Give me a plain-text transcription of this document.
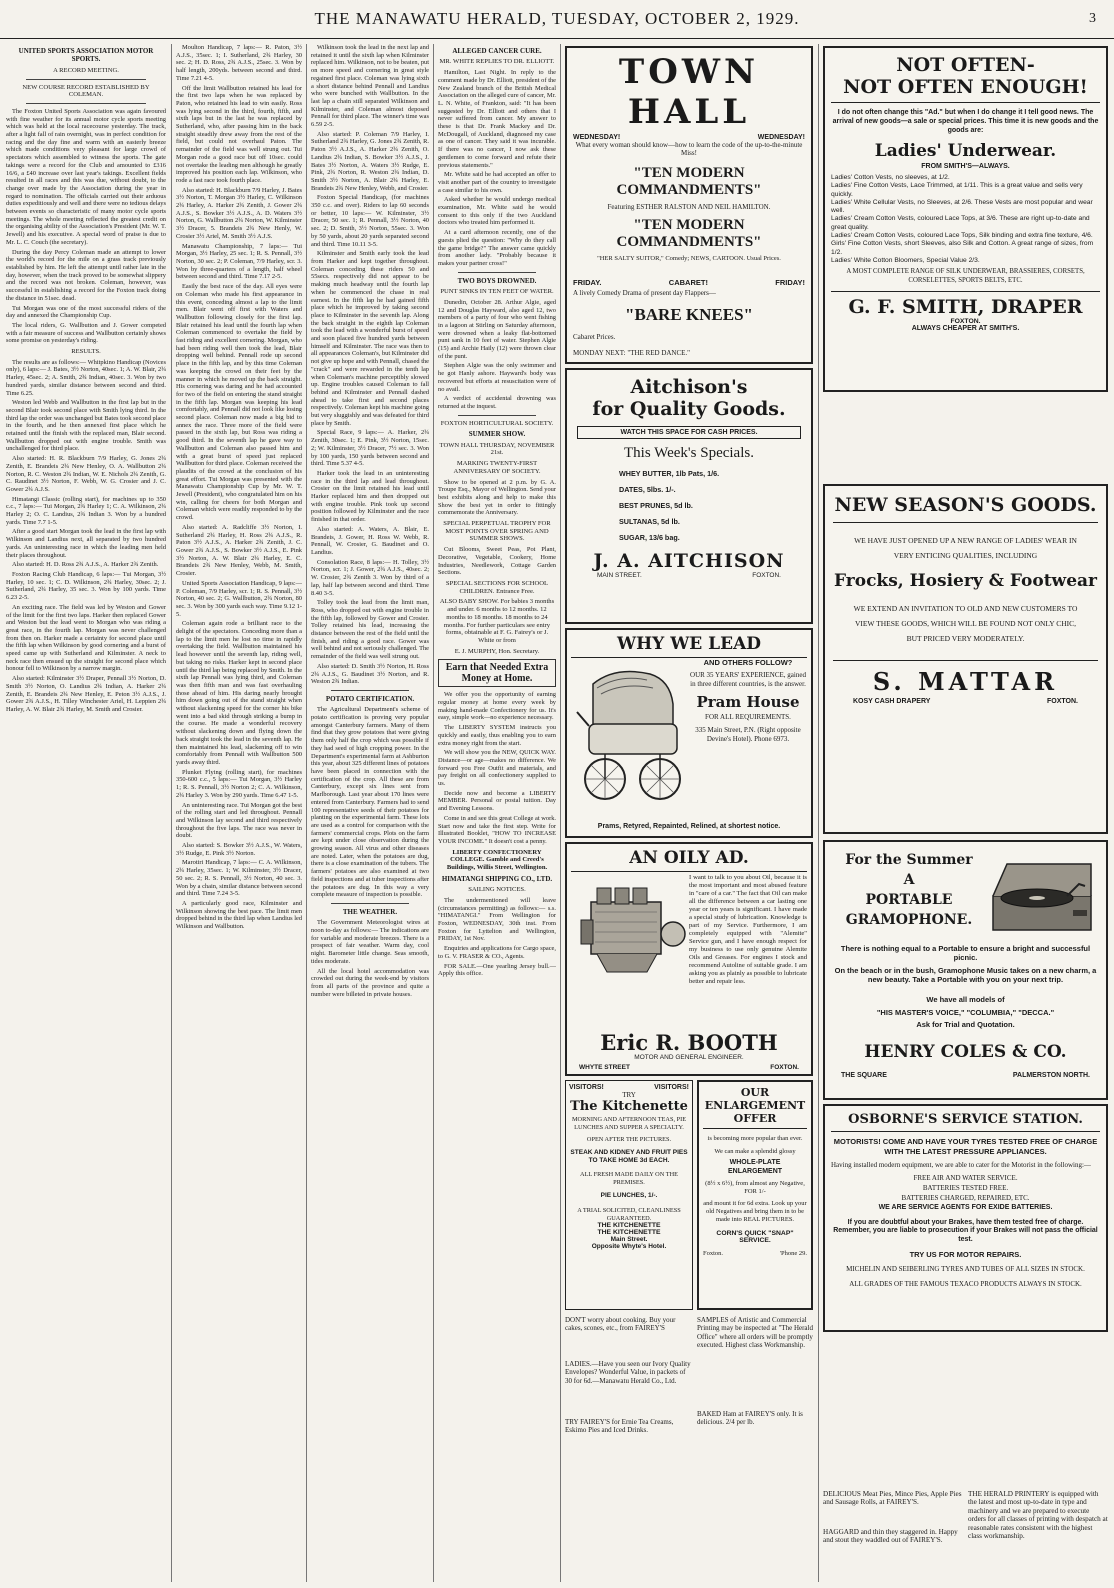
THE MANAWATU HERALD, TUESDAY, OCTOBER 2, 1929.	3

UNITED SPORTS ASSOCIATION MOTOR SPORTS.

A RECORD MEETING.

NEW COURSE RECORD ESTABLISHED BY COLEMAN.

The Foxton United Sports Association was again favoured with fine weather for its annual motor cycle sports meeting which was held at the local racecourse yesterday. The track, after a light fall of rain overnight, was in perfect condition for racing and the day fine and warm with an easterly breeze which made conditions very pleasant for large crowd of spectators which assembled to witness the sports. The gate takings were a record for the Club and amounted to £316 16/6, a £40 increase over last year's takings. Excellent fields resulted in all races and this was due, without doubt, to the change over made by the Association during the year in regard to nomination. The officials carried out their arduous duties expeditiously and well and there were no tedious delays between events so characteristic of many motor cycle sports meetings. The whole meeting reflected the greatest credit on the organising ability of the Association's President (Mr. W. T. Jewell) and his executive. A special word of praise is due to Mr. L. C. Couch (the secretary).

During the day Percy Coleman made an attempt to lower the world's record for the mile on a grass track previously established by him. He left the attempt until rather late in the day, however, when the track proved to be somewhat slippery and the record was not broken. Coleman, however, was successful in establishing a record for the Foxton track doing the distance in 51sec. dead.

Tui Morgan was one of the most successful riders of the day and annexed the Championship Cup.

The local riders, G. Wallbutton and J. Gower competed with a fair measure of success and Wallbutton certainly shows some promise on yesterday's riding.

RESULTS.

The results are as follows:— Whitpkino Handicap (Novices only), 6 laps:— J. Bates, 3½ Norton, 40sec. 1; A. W. Blair, 2¾ Harley, 45sec. 2; A. Smith, 2¾ Indian, 40sec. 3. Won by two hundred yards, similar distance between second and third. Time 6.25.

Weston led Webb and Wallbutton in the first lap but in the second Blair took second place with Smith lying third. In the third lap the order was unchanged but Bates took second place in the fourth, and he then annexed first place which he retained until the finish with the replaced man, Blair second. Wallbutton dropped out with engine trouble. Smith was unchallenged for third place.

Also started: H. R. Blackburn 7/9 Harley, G. Jones 2¾ Zenith, E. Brandeis 2¾ New Henley, O. A. Wallbutton 2¾ Norton, R. C. Weston 2¾ Indian, W. E. Nichols 2¾ Zenith, G. C. Raudinet 3½ Norton, F. Webb, W. G. Crosier and J. C. Gower 2¾ A.J.S.

Himatangi Classic (rolling start), for machines up to 350 c.c., 7 laps:— Tui Morgan, 2¾ Harley 1; C. A. Wilkinson, 2¾ Harley 2; O. C. Landius, 2¾ Indian 3. Won by a hundred yards. Time 7.7 1-5.

After a good start Morgan took the lead in the first lap with Wilkinson and Landius next, all separated by two hundred yards. An uninteresting race in which the leading men held their places throughout.

Also started: H. D. Ross 2¾ A.J.S., A. Harker 2¾ Zenith.

Foxton Racing Club Handicap, 6 laps:— Tui Morgan, 3½ Harley, 10 sec. 1; C. D. Wilkinson, 2¾ Harley, 30sec. 2; J. Sutherland, 2¾ Harley, 35 sec. 3. Won by 100 yards. Time 6.23 2-5.

An exciting race. The field was led by Weston and Gower of the limit for the first two laps. Harker then replaced Gower and Weston but the lead went to Morgan who was riding a great race, in the fourth lap. Morgan was never challenged from then on. Harker made a certainty for second place until the fifth lap when Wilkinson by good cornering and a burst of speed came up with Sutherland and Kilminster. A neck to neck race then ensued up the straight for second place which honour fell to Wilkinson by a narrow margin.

Also started: Kilminster 3½ Draper, Pennall 3½ Norton, D. Smith 3½ Norton, O. Landius 2¾ Indian, A. Harker 2¾ Zenith, E. Brandeis 2¾ New Henley, E. Peton 3½ A.J.S., J. Gower 2¾ A.J.S., H. Tilley Winchester Ariel, H. Leppien 2¾ Harley, A. W. Blair 2¾ Harley, M. Smith and Crosier.

Moulton Handicap, 7 laps:— R. Paton, 3½ A.J.S., 35sec. 1; I. Sutherland, 2¾ Harley, 30 sec. 2; H. D. Ross, 2¾ A.J.S., 25sec. 3. Won by half length, 200yds. between second and third. Time 7.21 4-5.

Off the limit Wallbutton retained his lead for the first two laps when he was replaced by Paton, who retained his lead to win easily. Ross was lying second in the third, fourth, fifth, and sixth laps but in the last he was replaced by Sutherland, who, after passing him in the back straight steadily drew away from the rest of the field, but could not overhaul Paton. The remainder of the field was well strung out. Tui Morgan rode a good race but off 10sec. could not overtake the leading men although he greatly improved his position each lap. Wilkinson, who rode a fast race took fourth place.

Also started: H. Blackburn 7/9 Harley, J. Bates 3½ Norton, T. Morgan 3½ Harley, C. Wilkinson 2¾ Harley, A. Harker 2¾ Zenith, J. Gower 2¾ A.J.S., S. Bowker 3½ A.J.S., A. D. Waters 3½ Norton, G. Wallbutton 2¾ Norton, W. Kilminster 3½ Dracer, 5. Brandeis 2¾ New Henly, W. Crosier 3½ Ariel, M. Smith 3½ A.J.S.

Manawatu Championship, 7 laps:— Tui Morgan, 3½ Harley, 25 sec. 1; R. S. Pennall, 3½ Norton, 30 sec. 2; P. Coleman, 7/9 Harley, scr. 3. Won by three-quarters of a length, half wheel between second and third. Time 7.17 2-5.

Easily the best race of the day. All eyes were on Coleman who made his first appearance in this event, conceding almost a lap to the limit men. Blair went off first with Waters and Wallbutton following closely for the first lap. Blair retained his lead until the fourth lap when Coleman commenced to overtake the field by fast riding and excellent cornering. Morgan, who had been riding well then took the lead, Blair dropping well behind. Pennall rode up second place in the fifth lap, and by this time Coleman was keeping the crowd on their feet by the manner in which he moved up the back straight. His cornering was daring and he had accounted for two of the field on entering the stand straight in the fifth lap. Morgan was keeping his lead comfortably, and Pennall did not look like losing second place. Coleman now made a big bid to annex the race. Three more of the field were passed in the sixth lap, but Ross was riding a good third. In the seventh lap he gave way to Wallbutton and Coleman also passed him and with a great burst of speed just replaced Wallbutton for third place. Coleman received the plaudits of the crowd at the conclusion of his great effort. Tui Morgan was presented with the Manawatu Championship Cup by Mr. W. T. Jewell (President), who congratulated him on his win, calling for cheers for both Morgan and Coleman which were readily responded to by the crowd.

Also started: A. Radcliffe 3½ Norton, I. Sutherland 2¾ Harley, H. Ross 2¾ A.J.S., R. Paton 3½ A.J.S., A. Harker 2¾ Zenith, J. C. Gower 2¾ A.J.S., S. Bowker 3½ A.J.S., E. Pink 3½ Norton, A. W. Blair 2¾ Harley, E. C. Brandeis 2¾ New Henley, Webb, M. Smith, Crosier.

United Sports Association Handicap, 9 laps:— P. Coleman, 7/9 Harley, scr. 1; R. S. Pennall, 3½ Norton, 40 sec. 2; G. Wallbutton, 2¾ Norton, 80 sec. 3. Won by 300 yards each way. Time 9.12 1-5.

Coleman again rode a brilliant race to the delight of the spectators. Conceding more than a lap to the limit men he lost no time in rapidly overtaking the field. Wallbutton maintained his lead however until the seventh lap, riding well, but taking no risks. Harker kept in second place until the third lap being replaced by Smith. In the sixth lap Pennall was lying third, and Coleman was then fifth man and was fast overhauling those ahead of him. His daring nearly brought him down going out of the stand straight when without slackening speed for the corner his bike went into a bad skid through striking a bump in the course. He made a wonderful recovery without slackening down and flying down the back straight took the lead in the seventh lap. He then maintained his lead, slackening off to win comfortably from Pennall with Wallbutton 500 yards away third.

Plunket Flying (rolling start), for machines 350-600 c.c., 5 laps:— Tui Morgan, 3½ Harley 1; R. S. Pennall, 3½ Norton 2; C. A. Wilkinson, 2¾ Harley 3. Won by 290 yards. Time 6.47 1-5.

An uninteresting race. Tui Morgan got the best of the rolling start and led throughout. Pennall and Wilkinson lay second and third respectively throughout the five laps. The race was never in doubt.

Also started: S. Bowker 3½ A.J.S., W. Waters, 3½ Rudge, E. Pink 3½ Norton.

Marotiri Handicap, 7 laps:— C. A. Wilkinson, 2¾ Harley, 35sec. 1; W. Kilminster, 3½ Dracer, 50 sec. 2; R. S. Pennall, 3½ Norton, 40 sec. 3. Won by a chain, similar distance between second and third. Time 7.24 3-5.

A particularly good race, Kilminster and Wilkinson showing the best pace. The limit men dropped behind in the third lap when Landius led Wilkinson and Wallbutton.

Wilkinson took the lead in the next lap and retained it until the sixth lap when Kilminster replaced him. Wilkinson, not to be beaten, put on more speed and cornering in great style regained first place. Coleman was lying sixth a short distance behind Pennall and Landius who were bunched with Wallbutton. In the last lap a chain still separated Wilkinson and Kilminster, and Coleman almost deposed Pennall for third place. The winner's time was 6.59 2-5.

Also started: P. Coleman 7/9 Harley, I. Sutherland 2¾ Harley, G. Jones 2¾ Zenith, R. Paton 3½ A.J.S., A. Harker 2¾ Zenith, O. Landius 2¾ Indian, S. Bowker 3½ A.J.S., J. Bates 3½ Norton, A. Waters 3½ Rudge, E. Pink, 2¾ Norton, R. Weston 2¾ Indian, D. Smith 3½ Norton, A. Blair 2¾ Harley, E. Brandeis 2¾ New Henley, Webb, and Crosier.

Foxton Special Handicap, (for machines 350 c.c. and over). Riders to lap 60 seconds or better, 10 laps:— W. Kilminster, 3½ Dracer, 50 sec. 1; R. Pennall, 3½ Norton, 40 sec. 2; D. Smith, 3½ Norton, 55sec. 3. Won by 50 yards, about 20 yards separated second and third. Time 10.11 3-5.

Kilminster and Smith early took the lead from Harker and kept together throughout. Coleman conceding these riders 50 and 55secs. respectively did not appear to be making much headway until the fourth lap when he commenced the chase in real earnest. In the fifth lap he had gained fifth place which he improved by taking second place to Kilminster in the seventh lap. Along the back straight in the eighth lap Coleman took the lead with a wonderful burst of speed and soon placed five hundred yards between himself and Kilminster. The race was then to all appearances Coleman's, but Kilminster did not give up hope and with Pennall, chased the "crack" and were rewarded in the tenth lap when Coleman's machine perceptibly slowed up. Engine troubles caused Coleman to fall behind and Kilminster and Pennall dashed ahead to take first and second places respectively. Coleman kept his machine going but very sluggishly and was defeated for third place by Smith.

Special Race, 9 laps:— A. Harker, 2¾ Zenith, 30sec. 1; E. Pink, 3½ Norton, 15sec. 2; W. Kilminster, 3½ Dracer, 7½ sec. 3. Won by 100 yards, 150 yards between second and third. Time 5.37 4-5.

Harker took the lead in an uninteresting race in the third lap and lead throughout. Crosier on the limit retained his lead until Harker replaced him and then dropped out with engine trouble. Pink took up second position followed by Kilminster and the race finished in that order.

Also started: A. Waters, A. Blair, E. Brandeis, J. Gower, H. Ross W. Webb, R. Pennall, W. Crosier, G. Baudinet and O. Landius.

Consolation Race, 8 laps:— H. Tolley, 3½ Norton, scr. 1; J. Gower, 2¾ A.J.S., 40sec. 2; W. Crosier, 2¾ Zenith 3. Won by third of a lap, half lap between second and third. Time 8.40 3-5.

Tolley took the lead from the limit man, Ross, who dropped out with engine trouble in the fifth lap, followed by Gower and Crosier. Tolley retained his lead, increasing the distance between the rest of the field until the finish, and riding a good race. Gower was well behind and not seriously challenged. The remainder of the field was well strung out.

Also started: D. Smith 3½ Norton, H. Ross 2¾ A.J.S., G. Baudinet 3½ Norton, and R. Weston 2¾ Indian.

POTATO CERTIFICATION.

The Agricultural Department's scheme of potato certification is proving very popular amongst Canterbury farmers. Many of them find that they grow potatoes that were giving them only half the crop which was possible if they had seed of high cropping power. In the Department's experimental farm at Ashburton this year, about 325 different lines of potatoes have been placed in connection with the certification of the crop. All these are from Canterbury, except six lines sent from Marlborough. Last year about 170 lines were entered from Canterbury. Farmers had to send 100 representative seeds of their potatoes for planting on the experimental farm. These lots are used as a control for comparison with the farmers' commercial crops. Plots on the farm are kept under close observation during the growing season. All virus and other diseases are noted. Later, when the potatoes are dug, there is a close examination of the tubers. The farmers' potatoes are also examined at two field inspections and at tuber inspections after the potatoes are dug. In this way a very complete measure of inspection is possible.

THE WEATHER.

The Government Meteorologist wires at noon to-day as follows:— The indications are for variable and moderate breezes. There is a prospect of fair weather. Warm day, cool night. Barometer little change. Seas smooth, tides moderate.

All the local hotel accommodation was crowded out during the week-end by visitors from all parts of the province and quite a number were billeted in private houses.

ALLEGED CANCER CURE.

MR. WHITE REPLIES TO DR. ELLIOTT.

Hamilton, Last Night. In reply to the comment made by Dr. Elliott, president of the New Zealand branch of the British Medical Association on the alleged cure of cancer, Mr. L. N. White, of Frankton, said: "It has been suggested by Dr. Elliott and others that I never suffered from cancer. My answer to these is that Dr. Frank Mackey and Dr. McDougall, of Auckland, diagnosed my case as one of cancer. They said it was incurable. If there was no cancer, I now ask these gentlemen to come forward and refute their previous statements."

Mr. White said he had accepted an offer to visit another part of the country to investigate a case similar to his own.

Asked whether he would undergo medical examination, Mr. White said he would consent to this only if the two Auckland doctors who treated him performed it.

At a card afternoon recently, one of the guests plied the question: "Why do they call the game bridge?" The answer came quickly from another lady. "Probably because it makes your partner cross!"

TWO BOYS DROWNED.

PUNT SINKS IN TEN FEET OF WATER.

Dunedin, October 28. Arthur Algie, aged 12 and Douglas Hayward, also aged 12, two members of a party of four who went fishing in a lagoon at Stirling on Saturday afternoon, were drowned when a leaky flat-bottomed punt sank in 10 feet of water. Stephen Algie (15) and Archie Haily (12) were thrown clear of the punt.

Stephen Algie was the only swimmer and he got Hanly ashore. Hayward's body was recovered but efforts at resuscitation were of no avail.

A verdict of accidental drowning was returned at the inquest.

FOXTON HORTICULTURAL SOCIETY.

SUMMER SHOW.

TOWN HALL THURSDAY, NOVEMBER 21st.

MARKING TWENTY-FIRST ANNIVERSARY OF SOCIETY.

Show to be opened at 2 p.m. by G. A. Troupe Esq., Mayor of Wellington. Send your best exhibits along and help to make this Show the best yet in order to fittingly commemorate the Anniversary.

SPECIAL PERPETUAL TROPHY FOR MOST POINTS OVER SPRING AND SUMMER SHOWS.

Cut Blooms, Sweet Peas, Pot Plant, Decorative, Vegetable, Cookery, Home Industries, Needlework, Cottage Garden Sections.

SPECIAL SECTIONS FOR SCHOOL CHILDREN. Entrance Free.

ALSO BABY SHOW. For babies 3 months and under. 6 months to 12 months. 12 months to 18 months. 18 months to 24 months. For further particulars see entry forms, obtainable at F. G. Fairey's or J. White or from

E. J. MURPHY, Hon. Secretary.

Earn that Needed Extra Money at Home.

We offer you the opportunity of earning regular money at home every week by making hand-made Confectionery for us. It's easy, simple work—no experience necessary.

The LIBERTY SYSTEM instructs you quickly and easily, thus enabling you to earn extra money right from the start.

We will show you the NEW, QUICK WAY. Distance—or age—makes no difference. We forward you Free Outfit and materials, and pay freight on all confectionery supplied to us.

Decide now and become a LIBERTY MEMBER. Personal or postal tuition. Day and Evening Lessons.

Come in and see this great College at work. Start now and take the first step. Write for Illustrated Booklet, "HOW TO INCREASE YOUR INCOME." It doesn't cost a penny.

LIBERTY CONFECTIONERY COLLEGE. Gamble and Creed's Buildings, Willis Street, Wellington.

HIMATANGI SHIPPING CO., LTD.

SAILING NOTICES.

The undermentioned will leave (circumstances permitting) as follows:— s.s. "HIMATANGI." From Wellington for Foxton, WEDNESDAY, 30th inst. From Foxton for Lyttelton and Wellington, FRIDAY, 1st Nov.

Enquiries and applications for Cargo space, to G. V. FRASER & CO., Agents.

FOR SALE.—One yearling Jersey bull.—Apply this office.

TOWN HALL
WEDNESDAY!	WEDNESDAY!
What every woman should know—how to learn the code of the up-to-the-minute Miss!
"TEN MODERN COMMANDMENTS"
Featuring ESTHER RALSTON AND NEIL HAMILTON.
"TEN MODERN COMMANDMENTS"
"HER SALTY SUITOR," Comedy; NEWS, CARTOON. Usual Prices.
FRIDAY.	CABARET!	FRIDAY!
A lively Comedy Drama of present day Flappers—
"BARE KNEES"
Cabaret Prices.
MONDAY NEXT: "THE RED DANCE."
Aitchison's
for Quality Goods.
WATCH THIS SPACE FOR CASH PRICES.
This Week's Specials.
WHEY BUTTER, 1lb Pats, 1/6.
DATES, 5lbs. 1/-.
BEST PRUNES, 5d lb.
SULTANAS, 5d lb.
SUGAR, 13/6 bag.
J. A. AITCHISON
MAIN STREET.	FOXTON.
WHY WE LEAD
AND OTHERS FOLLOW?
OUR 35 YEARS' EXPERIENCE, gained in three different countries, is the answer.
Pram House
FOR ALL REQUIREMENTS.
335 Main Street, P.N. (Right opposite Devine's Hotel). Phone 6973.
Prams, Retyred, Repainted, Relined, at shortest notice.
AN OILY AD.
I want to talk to you about Oil, because it is the most important and most abused feature in "care of a car." The fact that Oil can make all the difference between a car lasting one year or ten years is significant. I have made a special study of lubrication. Knowledge is part of my Service. Furthermore, I am completely equipped with "Alemite" Service gun, and I have enough respect for my business to use only genuine Alemite Oils and Greases. For engines I stock and recommend Autoline of suitable grade. I am asking you as plainly as possible to lubricate better and repair less.
Eric R. BOOTH
MOTOR AND GENERAL ENGINEER.
WHYTE STREET	FOXTON.
VISITORS!	VISITORS!
TRY
The Kitchenette
MORNING AND AFTERNOON TEAS, PIE LUNCHES AND SUPPER A SPECIALTY.
OPEN AFTER THE PICTURES.
STEAK AND KIDNEY AND FRUIT PIES TO TAKE HOME 3d EACH.
ALL FRESH MADE DAILY ON THE PREMISES.
PIE LUNCHES, 1/-.
A TRIAL SOLICITED, CLEANLINESS GUARANTEED.
THE KITCHENETTE
THE KITCHENETTE
Main Street.
Opposite Whyte's Hotel.
OUR ENLARGEMENT OFFER
is becoming more popular than ever.
We can make a splendid glossy
WHOLE-PLATE ENLARGEMENT
(8½ x 6½), from almost any Negative, FOR 1/-
and mount it for 6d extra. Look up your old Negatives and bring them in to be made into REAL PICTURES.
CORN'S QUICK "SNAP" SERVICE.
Foxton.	'Phone 29.
DON'T worry about cooking. Buy your cakes, scones, etc., from FAIREY'S
SAMPLES of Artistic and Commercial Printing may be inspected at "The Herald Office" where all orders will be promptly executed. Highest class Workmanship.
LADIES.—Have you seen our Ivory Quality Envelopes? Wonderful Value, in packets of 30 for 6d.—Manawatu Herald Co., Ltd.
TRY FAIREY'S for Ernie Tea Creams, Eskimo Pies and Iced Drinks.
BAKED Ham at FAIREY'S only. It is delicious. 2/4 per lb.
NOT OFTEN-
NOT OFTEN ENOUGH!
I do not often change this "Ad." but when I do change it I tell good news. The arrival of new goods—a sale or special prices. This time it is new goods and the goods are:
Ladies' Underwear.
FROM SMITH'S—ALWAYS.
Ladies' Cotton Vests, no sleeves, at 1/2.
Ladies' Fine Cotton Vests, Lace Trimmed, at 1/11. This is a great value and sells very quickly.
Ladies' White Cellular Vests, no Sleeves, at 2/6. These Vests are most popular and wear well.
Ladies' Cream Cotton Vests, coloured Lace Tops, at 3/6. These are right up-to-date and great quality.
Ladies' Cream Cotton Vests, coloured Lace Tops, Silk binding and extra fine texture, 4/6.
Girls' Fine Cotton Vests, short Sleeves, also Silk and Cotton. A great range of sizes, from 1/2.
Ladies' White Cotton Bloomers, Special Value 2/3.
A MOST COMPLETE RANGE OF SILK UNDERWEAR, BRASSIERES, CORSETS, CORSELETTES, SPORTS BELTS, ETC.
G. F. SMITH, DRAPER
FOXTON.
ALWAYS CHEAPER AT SMITH'S.
NEW SEASON'S GOODS.
WE HAVE JUST OPENED UP A NEW RANGE OF LADIES' WEAR IN VERY ENTICING QUALITIES, INCLUDING
Frocks, Hosiery & Footwear
WE EXTEND AN INVITATION TO OLD AND NEW CUSTOMERS TO VIEW THESE GOODS, WHICH WILL BE FOUND NOT ONLY CHIC, BUT PRICED VERY MODERATELY.
S. MATTAR
KOSY CASH DRAPERY	FOXTON.
For the Summer
A
PORTABLE
GRAMOPHONE.
There is nothing equal to a Portable to ensure a bright and successful picnic.
On the beach or in the bush, Gramophone Music takes on a new charm, a new beauty. Take a Portable with you on your next trip.
We have all models of
"HIS MASTER'S VOICE," "COLUMBIA," "DECCA."
Ask for Trial and Quotation.
HENRY COLES & CO.
THE SQUARE	PALMERSTON NORTH.
OSBORNE'S SERVICE STATION.
MOTORISTS! COME AND HAVE YOUR TYRES TESTED FREE OF CHARGE WITH THE LATEST PRESSURE APPLIANCES.
Having installed modern equipment, we are able to cater for the Motorist in the following:—
FREE AIR AND WATER SERVICE.
BATTERIES TESTED FREE.
BATTERIES CHARGED, REPAIRED, ETC.
WE ARE SERVICE AGENTS FOR EXIDE BATTERIES.
If you are doubtful about your Brakes, have them tested free of charge. Remember, you are liable to prosecution if your Brakes will not pass the official test.
TRY US FOR MOTOR REPAIRS.
MICHELIN AND SEIBERLING TYRES AND TUBES OF ALL SIZES IN STOCK.
ALL GRADES OF THE FAMOUS TEXACO PRODUCTS ALWAYS IN STOCK.
DELICIOUS Meat Pies, Mince Pies, Apple Pies and Sausage Rolls, at FAIREY'S.
HAGGARD and thin they staggered in. Happy and stout they waddled out of FAIREY'S.
THE HERALD PRINTERY is equipped with the latest and most up-to-date in type and machinery and we are prepared to execute orders for all classes of printing with despatch at reasonable rates consistent with the highest class workmanship.
